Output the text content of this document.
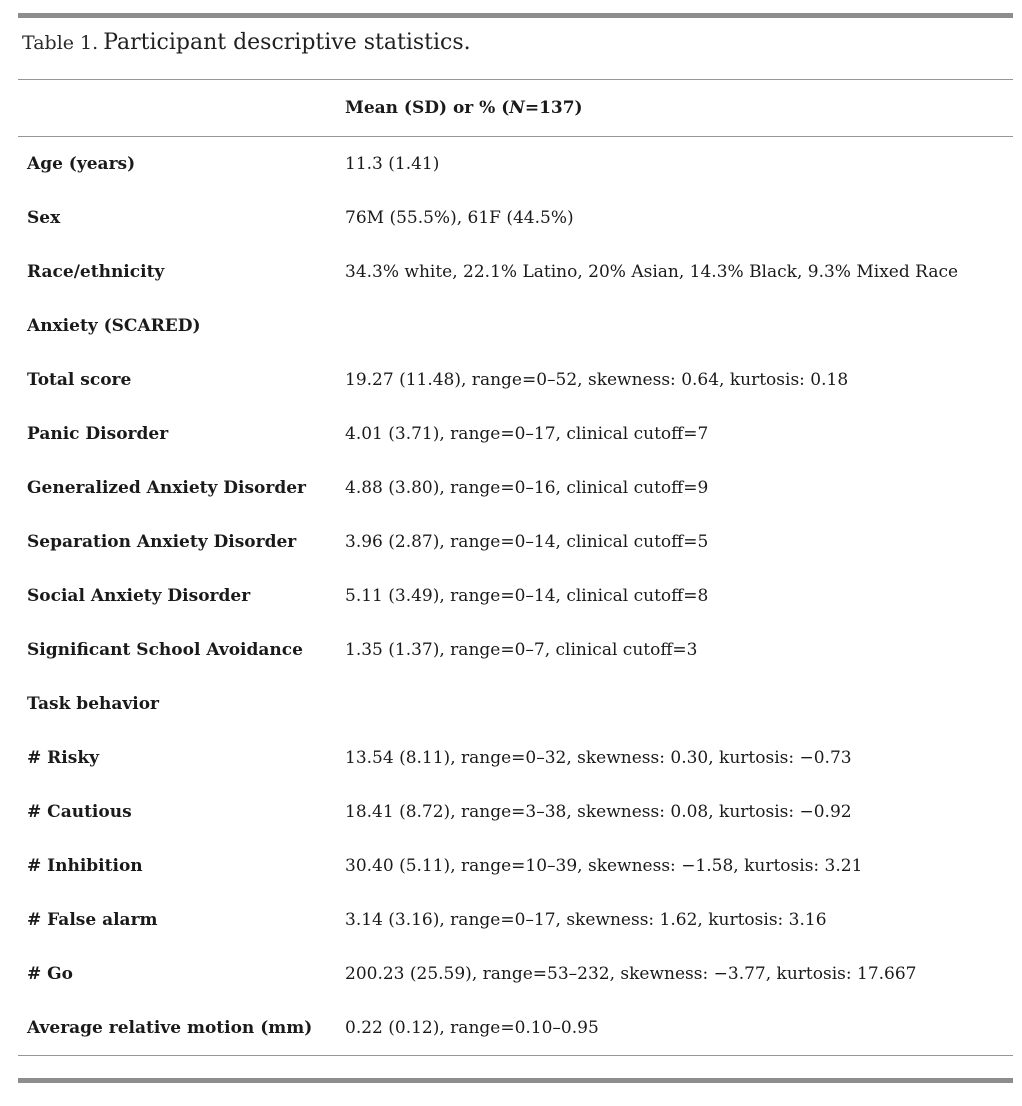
Table 1. Participant descriptive statistics.
Mean (SD) or % (N=137)
Age (years)	11.3 (1.41)
Sex	76M (55.5%), 61F (44.5%)
Race/ethnicity	34.3% white, 22.1% Latino, 20% Asian, 14.3% Black, 9.3% Mixed Race
Anxiety (SCARED)
Total score	19.27 (11.48), range=0–52, skewness: 0.64, kurtosis: 0.18
Panic Disorder	4.01 (3.71), range=0–17, clinical cutoff=7
Generalized Anxiety Disorder	4.88 (3.80), range=0–16, clinical cutoff=9
Separation Anxiety Disorder	3.96 (2.87), range=0–14, clinical cutoff=5
Social Anxiety Disorder	5.11 (3.49), range=0–14, clinical cutoff=8
Significant School Avoidance	1.35 (1.37), range=0–7, clinical cutoff=3
Task behavior
# Risky	13.54 (8.11), range=0–32, skewness: 0.30, kurtosis: −0.73
# Cautious	18.41 (8.72), range=3–38, skewness: 0.08, kurtosis: −0.92
# Inhibition	30.40 (5.11), range=10–39, skewness: −1.58, kurtosis: 3.21
# False alarm	3.14 (3.16), range=0–17, skewness: 1.62, kurtosis: 3.16
# Go	200.23 (25.59), range=53–232, skewness: −3.77, kurtosis: 17.667
Average relative motion (mm)	0.22 (0.12), range=0.10–0.95
